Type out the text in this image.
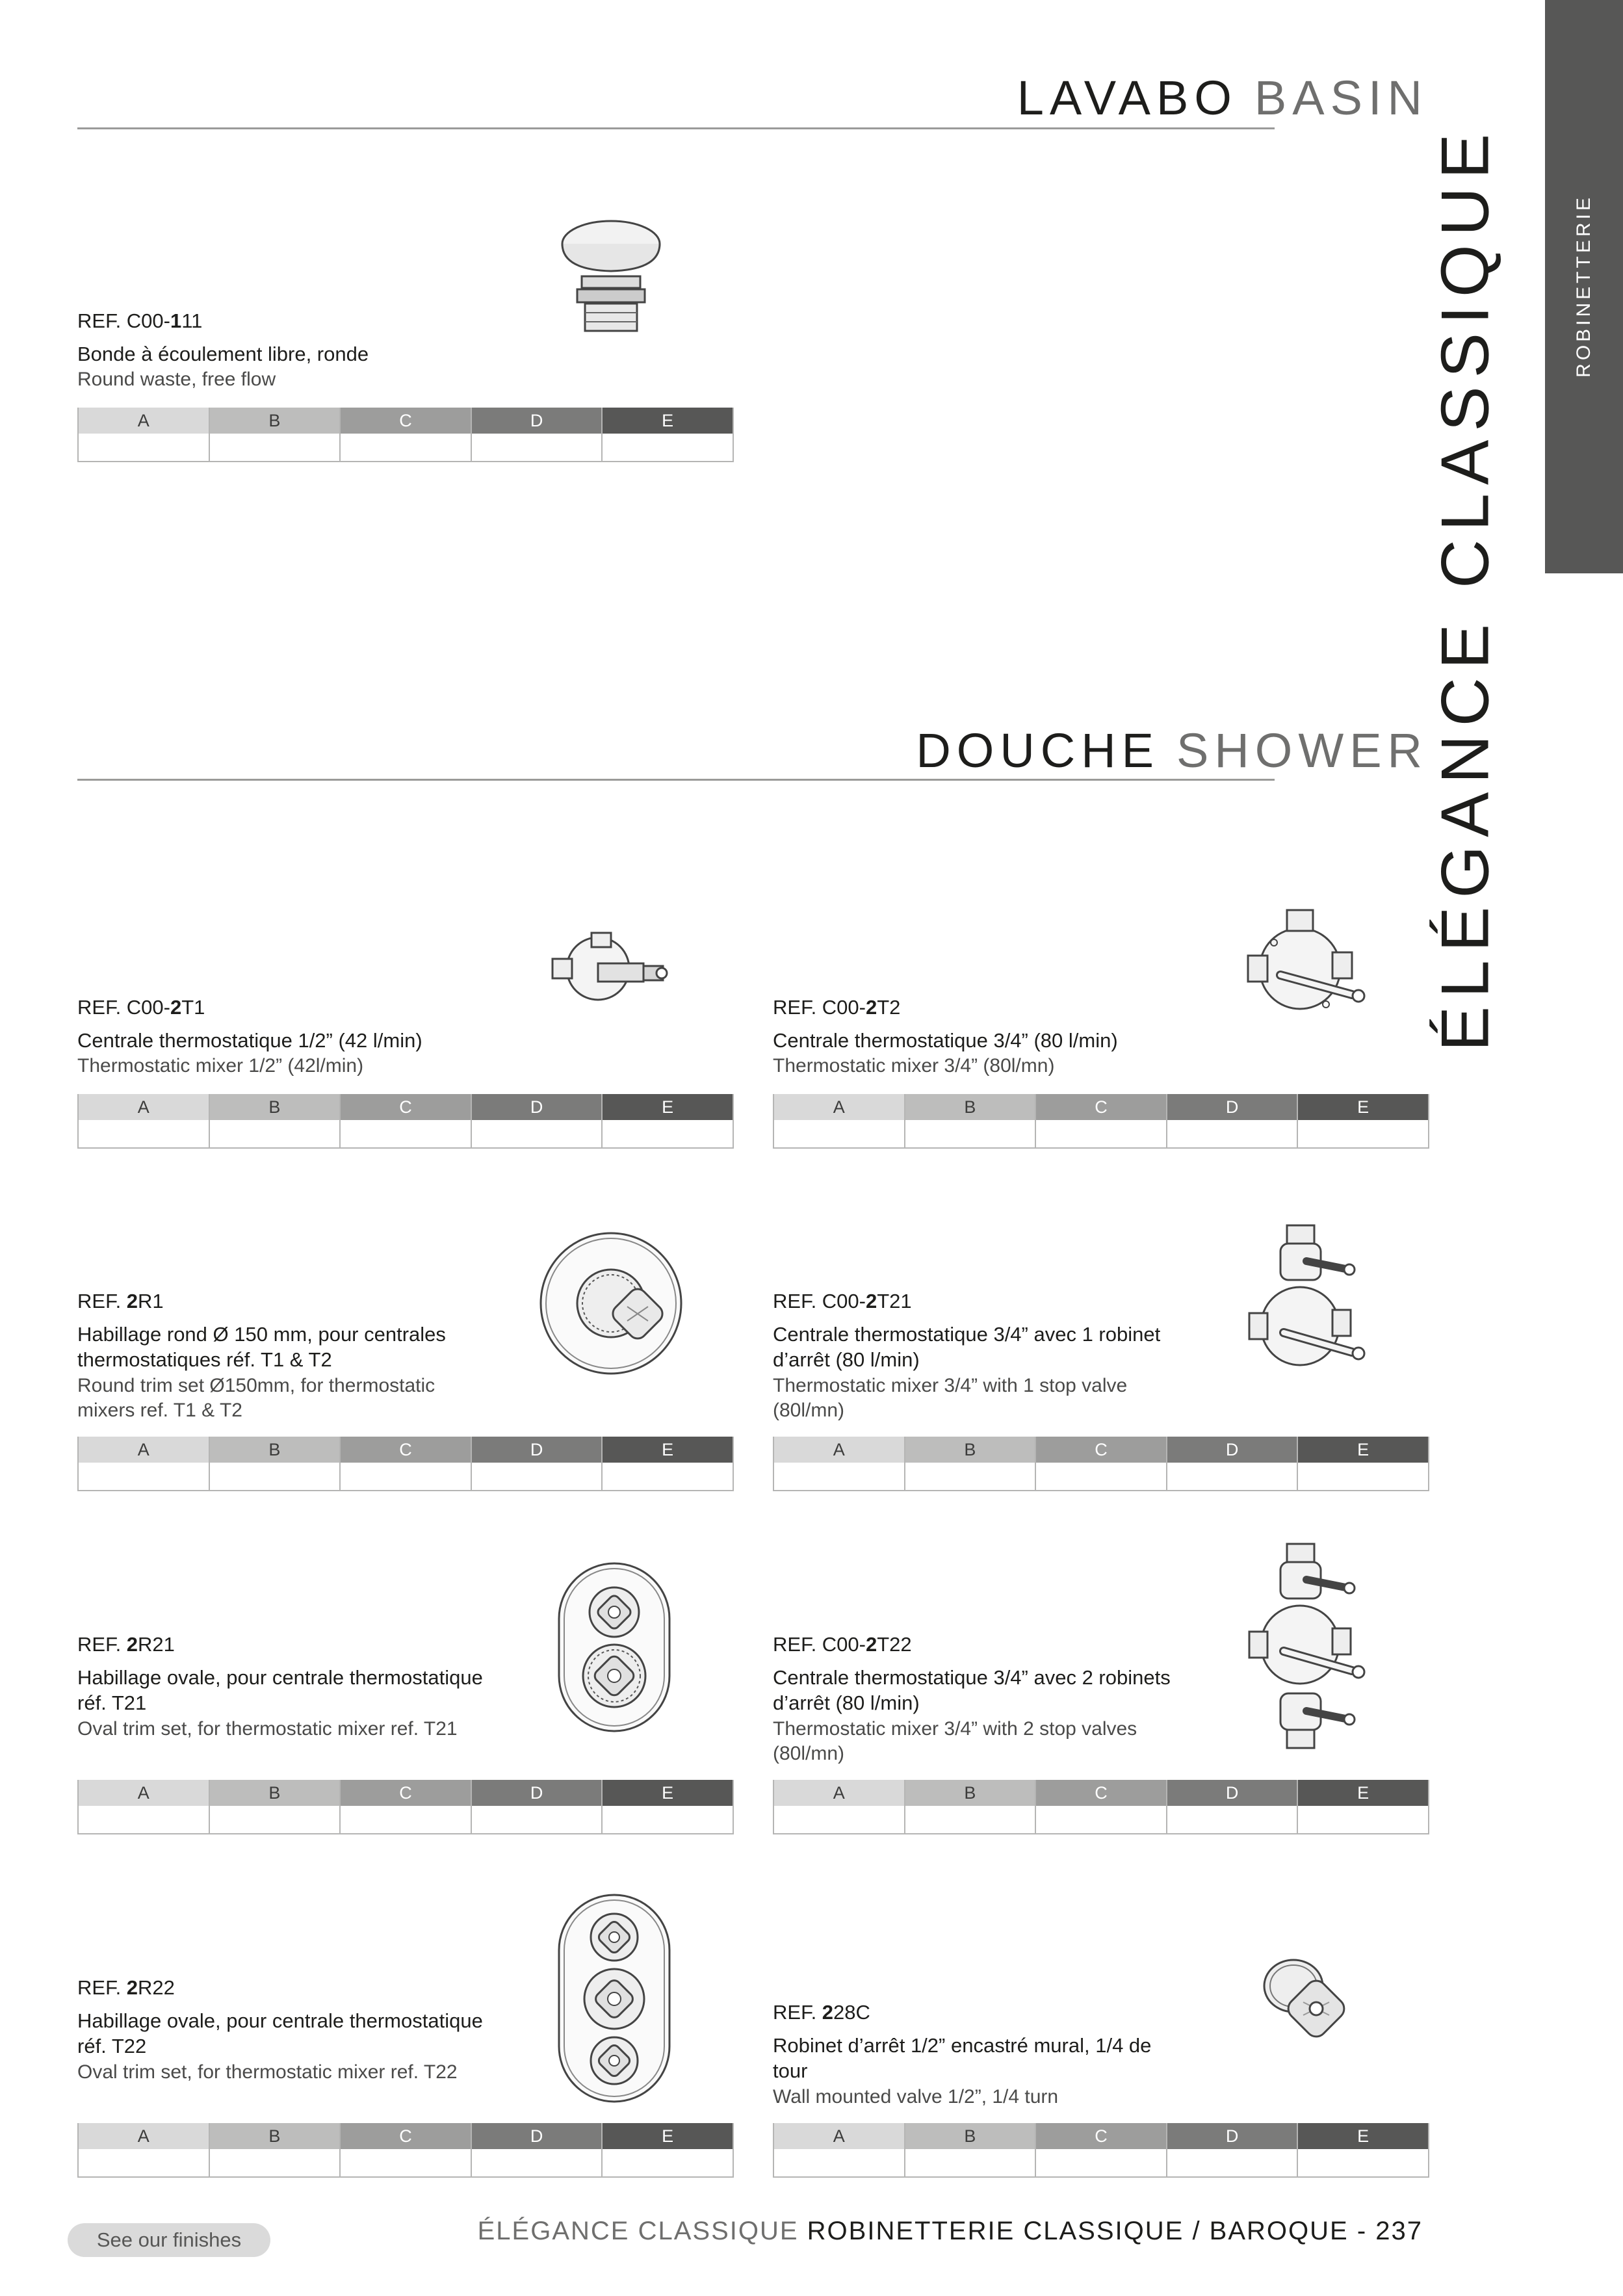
ROBINETTERIE
ÉLÉGANCE CLASSIQUE
LAVABO BASIN
DOUCHE SHOWER
REF. C00-111
Bonde à écoulement libre, ronde
Round waste, free flow
A	B	C	D	E
REF. C00-2T1
Centrale thermostatique 1/2” (42 l/min)
Thermostatic mixer 1/2” (42l/min)
A	B	C	D	E
REF. C00-2T2
Centrale thermostatique 3/4” (80 l/min)
Thermostatic mixer 3/4” (80l/mn)
A	B	C	D	E
REF. 2R1
Habillage rond Ø 150 mm, pour centrales thermostatiques réf. T1 & T2
Round trim set Ø150mm, for thermostatic mixers ref. T1 & T2
A	B	C	D	E
REF. C00-2T21
Centrale thermostatique 3/4” avec 1 robinet d’arrêt (80 l/min)
Thermostatic mixer 3/4” with 1 stop valve (80l/mn)
A	B	C	D	E
REF. 2R21
Habillage ovale, pour centrale thermostatique réf. T21
Oval trim set, for thermostatic mixer ref. T21
A	B	C	D	E
REF. C00-2T22
Centrale thermostatique 3/4” avec 2 robinets d’arrêt (80 l/min)
Thermostatic mixer 3/4” with 2 stop valves (80l/mn)
A	B	C	D	E
REF. 2R22
Habillage ovale, pour centrale thermostatique réf. T22
Oval trim set, for thermostatic mixer ref. T22
A	B	C	D	E
REF. 228C
Robinet d’arrêt 1/2” encastré mural, 1/4 de tour
Wall mounted valve 1/2”, 1/4 turn
A	B	C	D	E
See our finishes	ÉLÉGANCE CLASSIQUE ROBINETTERIE CLASSIQUE / BAROQUE - 237
